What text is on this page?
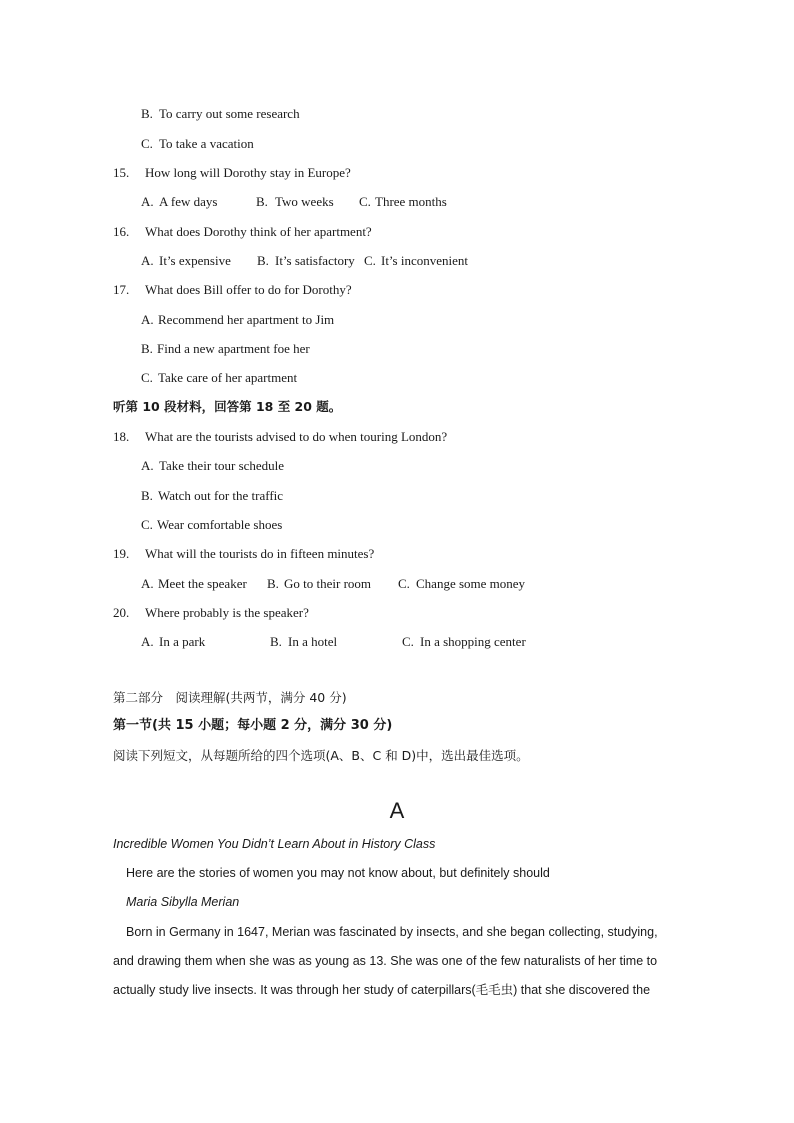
B. To carry out some research
C. To take a vacation
15. How long will Dorothy stay in Europe?
A. A few days	B. Two weeks C. Three months
16. What does Dorothy think of her apartment?
A. It’s expensive B. It’s satisfactory C. It’s inconvenient
17. What does Bill offer to do for Dorothy?
A. Recommend her apartment to Jim
B. Find a new apartment foe her
C. Take care of her apartment
听第 10 段材料，回答第 18 至 20 题。
18. What are the tourists advised to do when touring London?
A. Take their tour schedule
B. Watch out for the traffic
C. Wear comfortable shoes
19. What will the tourists do in fifteen minutes?
A. Meet the speaker B. Go to their room C. Change some money
20. Where probably is the speaker?
A. In a park	B. In a hotel	C. In a shopping center
第二部分　阅读理解(共两节，满分 40 分)
第一节(共 15 小题；每小题 2 分，满分 30 分)
阅读下列短文，从每题所给的四个选项(A、B、C 和 D)中，选出最佳选项。
A
Incredible Women You Didn’t Learn About in History Class
Here are the stories of women you may not know about, but definitely should
Maria Sibylla Merian
Born in Germany in 1647, Merian was fascinated by insects, and she began collecting, studying,
and drawing them when she was as young as 13. She was one of the few naturalists of her time to
actually study live insects. It was through her study of caterpillars(毛毛虫) that she discovered the
